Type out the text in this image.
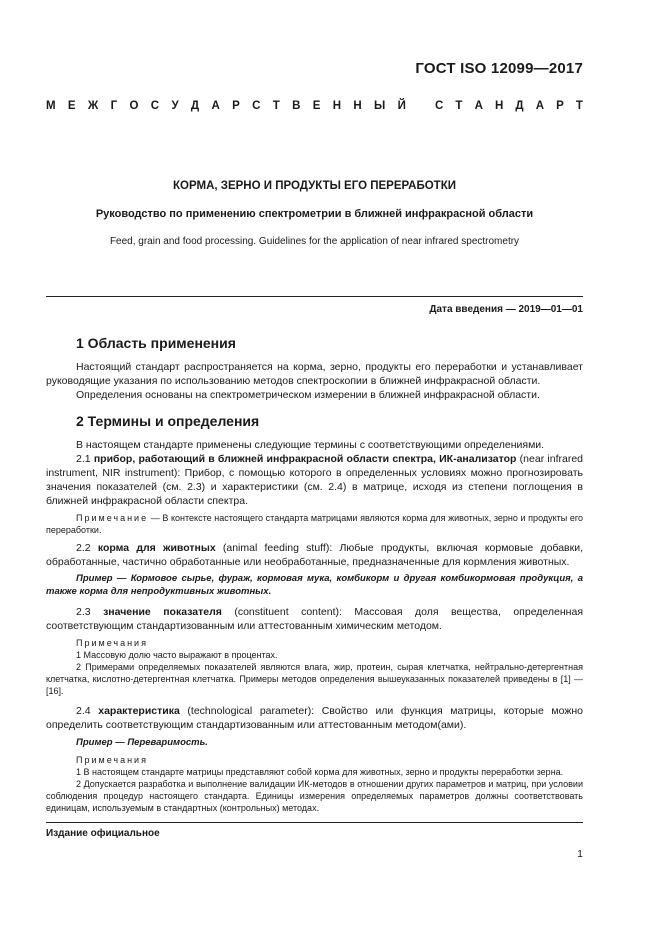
ГОСТ ISO 12099—2017
М Е Ж Г О С У Д А Р С Т В Е Н Н Ы Й	С Т А Н Д А Р Т
КОРМА, ЗЕРНО И ПРОДУКТЫ ЕГО ПЕРЕРАБОТКИ
Руководство по применению спектрометрии в ближней инфракрасной области
Feed, grain and food processing. Guidelines for the application of near infrared spectrometry
Дата введения — 2019—01—01
1 Область применения

Настоящий стандарт распространяется на корма, зерно, продукты его переработки и устанавливает руководящие указания по использованию методов спектроскопии в ближней инфракрасной области.

Определения основаны на спектрометрическом измерении в ближней инфракрасной области.

2 Термины и определения

В настоящем стандарте применены следующие термины с соответствующими определениями.

2.1 прибор, работающий в ближней инфракрасной области спектра, ИК-анализатор (near infrared instrument, NIR instrument): Прибор, с помощью которого в определенных условиях можно прогнозировать значения показателей (см. 2.3) и характеристики (см. 2.4) в матрице, исходя из степени поглощения в ближней инфракрасной области спектра.

Примечание — В контексте настоящего стандарта матрицами являются корма для животных, зерно и продукты его переработки.

2.2 корма для животных (animal feeding stuff): Любые продукты, включая кормовые добавки, обработанные, частично обработанные или необработанные, предназначенные для кормления животных.

Пример — Кормовое сырье, фураж, кормовая мука, комбикорм и другая комбикормовая продукция, а также корма для непродуктивных животных.

2.3 значение показателя (constituent content): Массовая доля вещества, определенная соответствующим стандартизованным или аттестованным химическим методом.

Примечания

1 Массовую долю часто выражают в процентах.

2 Примерами определяемых показателей являются влага, жир, протеин, сырая клетчатка, нейтрально-детергентная клетчатка, кислотно-детергентная клетчатка. Примеры методов определения вышеуказанных показателей приведены в [1] — [16].

2.4 характеристика (technological parameter): Свойство или функция матрицы, которые можно определить соответствующим стандартизованным или аттестованным методом(ами).

Пример — Переваримость.

Примечания

1 В настоящем стандарте матрицы представляют собой корма для животных, зерно и продукты переработки зерна.

2 Допускается разработка и выполнение валидации ИК-методов в отношении других параметров и матриц, при условии соблюдения процедур настоящего стандарта. Единицы измерения определяемых параметров должны соответствовать единицам, используемым в стандартных (контрольных) методах.

Издание официальное
1
